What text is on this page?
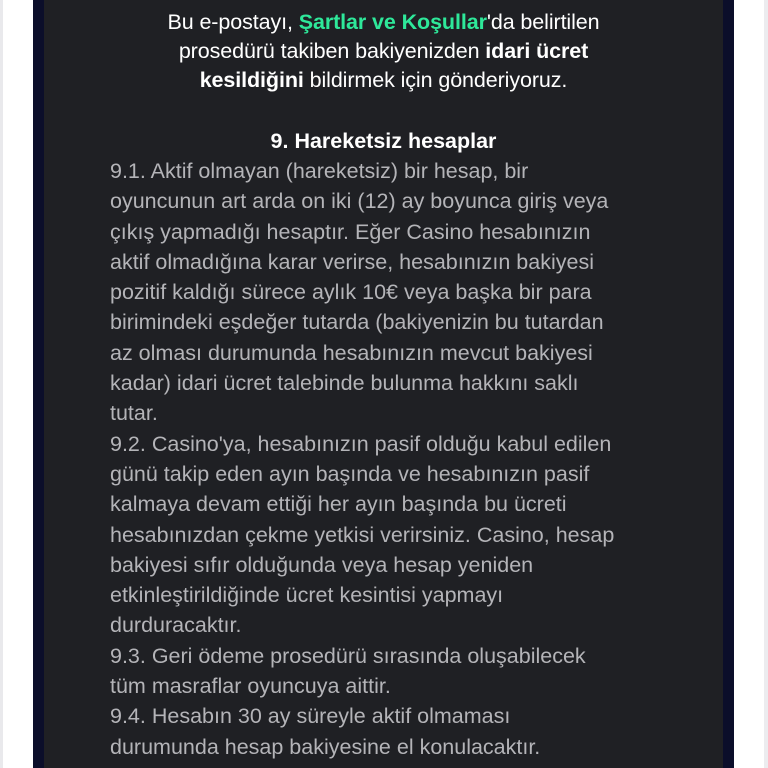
Bu e-postayı, Şartlar ve Koşullar'da belirtilen
prosedürü takiben bakiyenizden idari ücret
kesildiğini bildirmek için gönderiyoruz.
9. Hareketsiz hesaplar
9.1. Aktif olmayan (hareketsiz) bir hesap, bir
oyuncunun art arda on iki (12) ay boyunca giriş veya
çıkış yapmadığı hesaptır. Eğer Casino hesabınızın
aktif olmadığına karar verirse, hesabınızın bakiyesi
pozitif kaldığı sürece aylık 10€ veya başka bir para
birimindeki eşdeğer tutarda (bakiyenizin bu tutardan
az olması durumunda hesabınızın mevcut bakiyesi
kadar) idari ücret talebinde bulunma hakkını saklı
tutar.
9.2. Casino'ya, hesabınızın pasif olduğu kabul edilen
günü takip eden ayın başında ve hesabınızın pasif
kalmaya devam ettiği her ayın başında bu ücreti
hesabınızdan çekme yetkisi verirsiniz. Casino, hesap
bakiyesi sıfır olduğunda veya hesap yeniden
etkinleştirildiğinde ücret kesintisi yapmayı
durduracaktır.
9.3. Geri ödeme prosedürü sırasında oluşabilecek
tüm masraflar oyuncuya aittir.
9.4. Hesabın 30 ay süreyle aktif olmaması
durumunda hesap bakiyesine el konulacaktır.
